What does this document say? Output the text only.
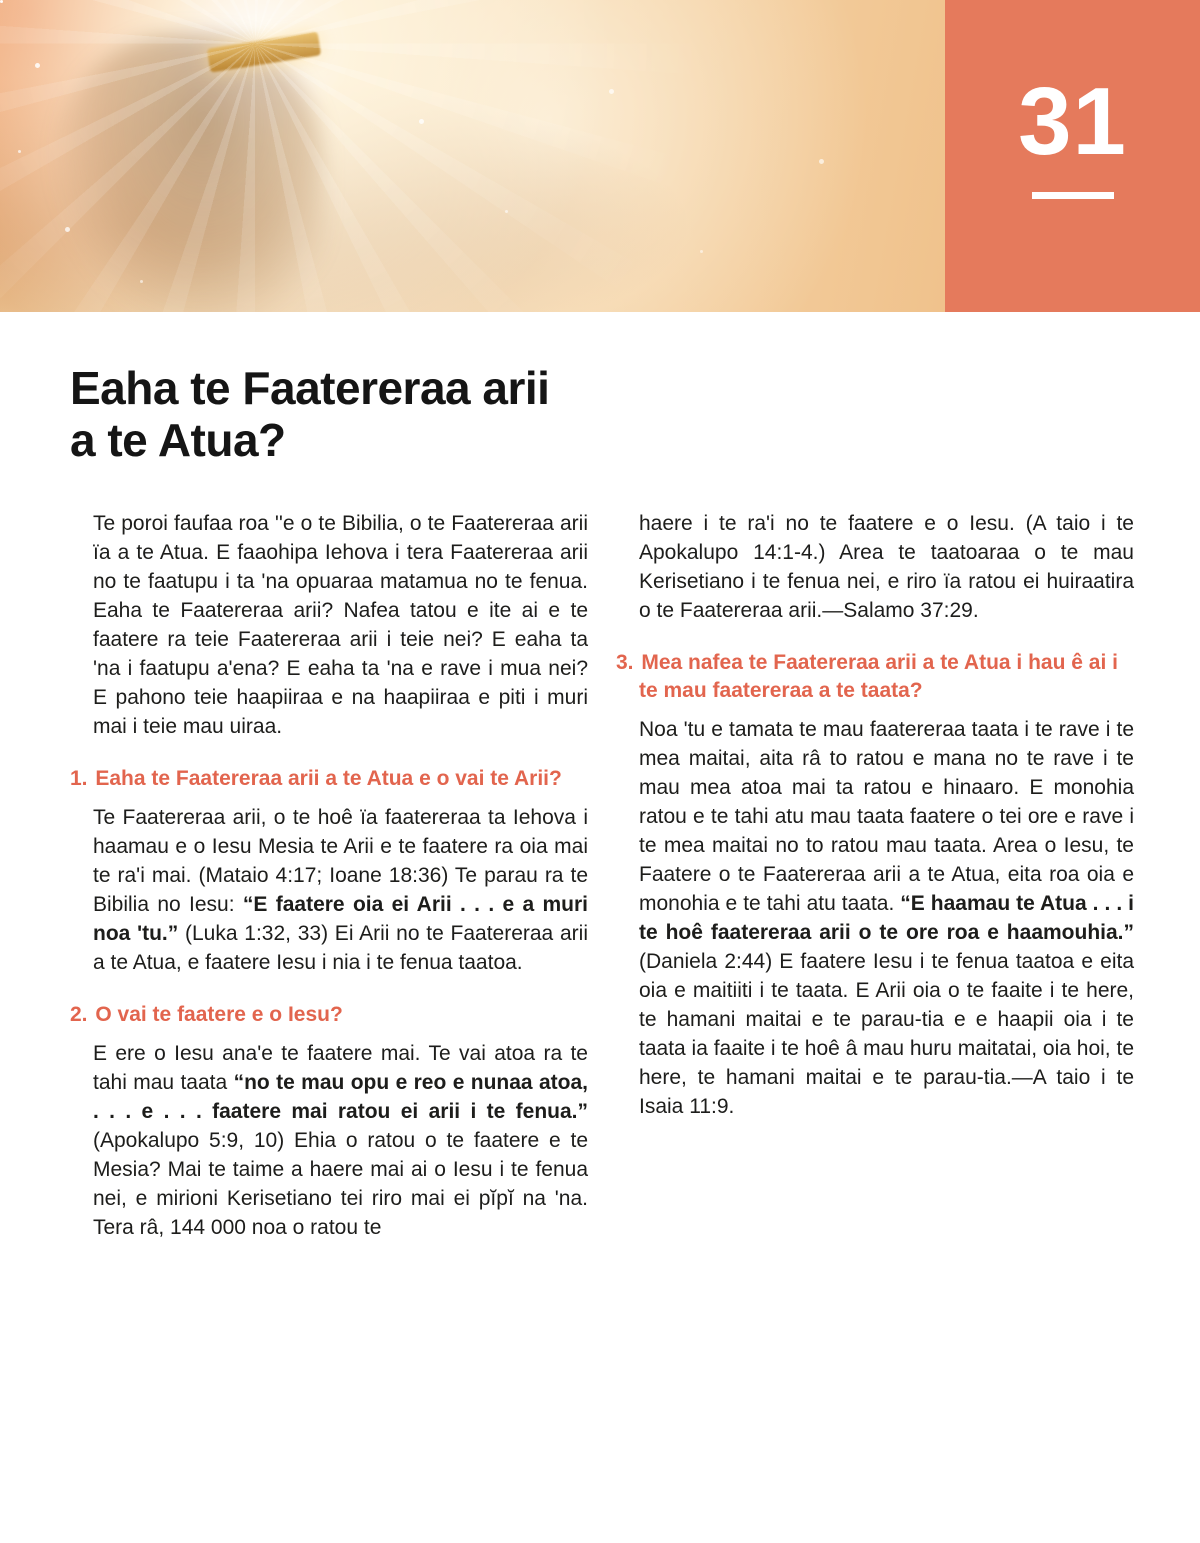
31
Eaha te Faatereraa arii
a te Atua?

Te poroi faufaa roa ''e o te Bibilia, o te Faatereraa arii ïa a te Atua. E faaohipa Iehova i tera Faatereraa arii no te faatupu i ta 'na opuaraa matamua no te fenua. Eaha te Faatereraa arii? Nafea tatou e ite ai e te faatere ra teie Faatereraa arii i teie nei? E eaha ta 'na i faatupu a'ena? E eaha ta 'na e rave i mua nei? E pahono teie haapiiraa e na haapiiraa e piti i muri mai i teie mau uiraa.

1. Eaha te Faatereraa arii a te Atua e o vai te Arii?

Te Faatereraa arii, o te hoê ïa faatereraa ta Iehova i haamau e o Iesu Mesia te Arii e te faatere ra oia mai te ra'i mai. (Mataio 4:17; Ioane 18:36) Te parau ra te Bibilia no Iesu: “E faatere oia ei Arii . . . e a muri noa 'tu.” (Luka 1:32, 33) Ei Arii no te Faatereraa arii a te Atua, e faatere Iesu i nia i te fenua taatoa.

2. O vai te faatere e o Iesu?

E ere o Iesu ana'e te faatere mai. Te vai atoa ra te tahi mau taata “no te mau opu e reo e nunaa atoa, . . . e . . . faatere mai ratou ei arii i te fenua.” (Apokalupo 5:9, 10) Ehia o ratou o te faatere e te Mesia? Mai te taime a haere mai ai o Iesu i te fenua nei, e mirioni Kerisetiano tei riro mai ei pĭpĭ na 'na. Tera râ, 144 000 noa o ratou te

haere i te ra'i no te faatere e o Iesu. (A taio i te Apokalupo 14:1-4.) Area te taatoaraa o te mau Kerisetiano i te fenua nei, e riro ïa ratou ei huiraatira o te Faatereraa arii.—Salamo 37:29.

3. Mea nafea te Faatereraa arii a te Atua i hau ê ai i te mau faatereraa a te taata?

Noa 'tu e tamata te mau faatereraa taata i te rave i te mea maitai, aita râ to ratou e mana no te rave i te mau mea atoa mai ta ratou e hinaaro. E monohia ratou e te tahi atu mau taata faatere o tei ore e rave i te mea maitai no to ratou mau taata. Area o Iesu, te Faatere o te Faatereraa arii a te Atua, eita roa oia e monohia e te tahi atu taata. “E haamau te Atua . . . i te hoê faatereraa arii o te ore roa e haamouhia.” (Daniela 2:44) E faatere Iesu i te fenua taatoa e eita oia e maitiiti i te taata. E Arii oia o te faaite i te here, te hamani maitai e te parau-tia e e haapii oia i te taata ia faaite i te hoê â mau huru maitatai, oia hoi, te here, te hamani maitai e te parau-tia.—A taio i te Isaia 11:9.
